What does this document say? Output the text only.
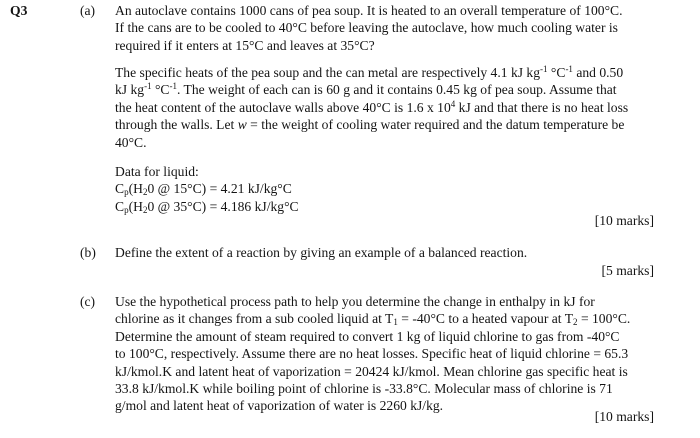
Q3	(a) An autoclave contains 1000 cans of pea soup. It is heated to an overall temperature of 100°C.
If the cans are to be cooled to 40°C before leaving the autoclave, how much cooling water is
required if it enters at 15°C and leaves at 35°C?
The specific heats of the pea soup and the can metal are respectively 4.1 kJ $kg^{-1}$ $^\circ C^{-1}$ and 0.50
kJ $kg^{-1}$ $^\circ C^{-1}$. The weight of each can is 60 g and it contains 0.45 kg of pea soup. Assume that
the heat content of the autoclave walls above 40°C is 1.6 x $10^4$ kJ and that there is no heat loss
through the walls. Let w = the weight of cooling water required and the datum temperature be
40°C.
Data for liquid:
$C_p(H_20$ @ 15°C) = 4.21 kJ/kg°C
$C_p(H_20$ @ 35°C) = 4.186 kJ/kg°C
[10 marks]
(b) Define the extent of a reaction by giving an example of a balanced reaction.
[5 marks]
(c) Use the hypothetical process path to help you determine the change in enthalpy in kJ for
chlorine as it changes from a sub cooled liquid at $T_1 = -40^\circ C$ to a heated vapour at $T_2 = 100^\circ C$.
Determine the amount of steam required to convert 1 kg of liquid chlorine to gas from -40°C
to 100°C, respectively. Assume there are no heat losses. Specific heat of liquid chlorine = 65.3
kJ/kmol.K and latent heat of vaporization = 20424 kJ/kmol. Mean chlorine gas specific heat is
33.8 kJ/kmol.K while boiling point of chlorine is -33.8°C. Molecular mass of chlorine is 71
g/mol and latent heat of vaporization of water is 2260 kJ/kg.
[10 marks]
